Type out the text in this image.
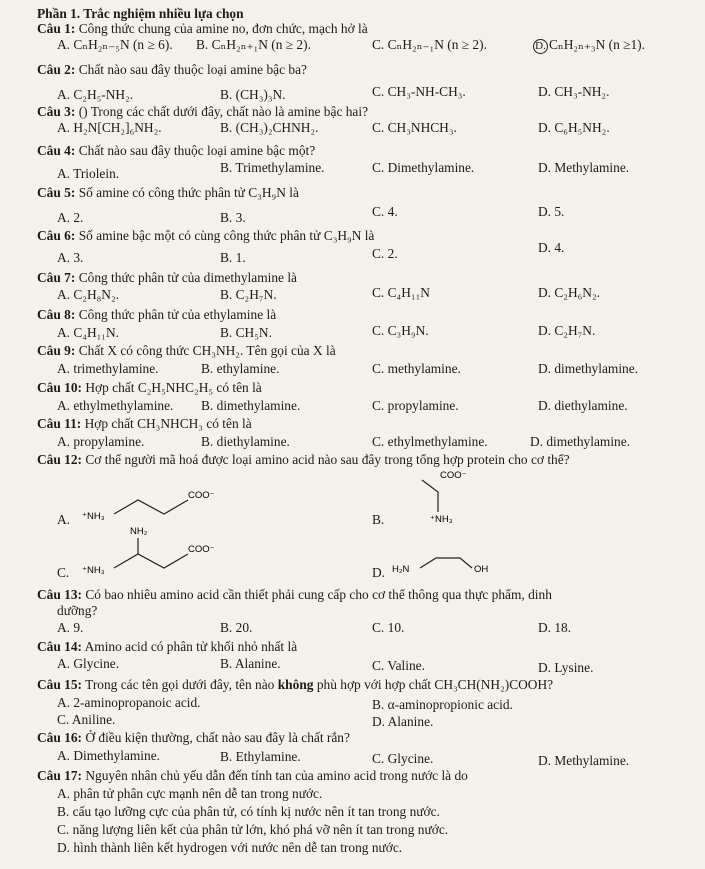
Phần 1. Trắc nghiệm nhiều lựa chọn
Câu 1: Công thức chung của amine no, đơn chức, mạch hở là
A. CₙH₂ₙ₋₅N (n ≥ 6). B. CₙH₂ₙ₊₁N (n ≥ 2).	C. CₙH₂ₙ₋₁N (n ≥ 2).	D. CₙH₂ₙ₊₃N (n ≥1).
Câu 2: Chất nào sau đây thuộc loại amine bậc ba?
A. C₂H₅-NH₂.	B. (CH₃)₃N.	C. CH₃-NH-CH₃.	D. CH₃-NH₂.
Câu 3: () Trong các chất dưới đây, chất nào là amine bậc hai?
A. H₂N[CH₂]₆NH₂.	B. (CH₃)₂CHNH₂.	C. CH₃NHCH₃.	D. C₆H₅NH₂.
Câu 4: Chất nào sau đây thuộc loại amine bậc một?
A. Triolein.	B. Trimethylamine.	C. Dimethylamine.	D. Methylamine.
Câu 5: Số amine có công thức phân tử C₃H₉N là
A. 2.	B. 3.	C. 4.	D. 5.
Câu 6: Số amine bậc một có cùng công thức phân tử C₃H₉N là
A. 3.	B. 1.	C. 2.	D. 4.
Câu 7: Công thức phân tử của dimethylamine là
A. C₂H₈N₂.	B. C₂H₇N.	C. C₄H₁₁N	D. C₂H₆N₂.
Câu 8: Công thức phân tử của ethylamine là
A. C₄H₁₁N.	B. CH₅N.	C. C₃H₉N.	D. C₂H₇N.
Câu 9: Chất X có công thức CH₃NH₂. Tên gọi của X là
A. trimethylamine.	B. ethylamine.	C. methylamine.	D. dimethylamine.
Câu 10: Hợp chất C₂H₅NHC₂H₅ có tên là
A. ethylmethylamine. B. dimethylamine.	C. propylamine.	D. diethylamine.
Câu 11: Hợp chất CH₃NHCH₃ có tên là
A. propylamine.	B. diethylamine.	C. ethylmethylamine.	D. dimethylamine.
Câu 12: Cơ thể người mã hoá được loại amino acid nào sau đây trong tổng hợp protein cho cơ thể?
A. ⁺NH₃
COO⁻
B.
COO⁻
⁺NH₃
C.
NH₂
⁺NH₃
COO⁻
D. H₂N	OH
Câu 13: Có bao nhiêu amino acid cần thiết phải cung cấp cho cơ thể thông qua thực phẩm, dinh
dưỡng?
A. 9.	B. 20.	C. 10.	D. 18.
Câu 14: Amino acid có phân tử khối nhỏ nhất là
A. Glycine.	B. Alanine.	C. Valine.	D. Lysine.
Câu 15: Trong các tên gọi dưới đây, tên nào không phù hợp với hợp chất CH₃CH(NH₂)COOH?
A. 2-aminopropanoic acid.	B. α-aminopropionic acid.
C. Aniline.	D. Alanine.
Câu 16: Ở điều kiện thường, chất nào sau đây là chất rắn?
A. Dimethylamine.	B. Ethylamine.	C. Glycine.	D. Methylamine.
Câu 17: Nguyên nhân chủ yếu dẫn đến tính tan của amino acid trong nước là do
A. phân tử phân cực mạnh nên dễ tan trong nước.
B. cấu tạo lưỡng cực của phân tử, có tính kị nước nên ít tan trong nước.
C. năng lượng liên kết của phân tử lớn, khó phá vỡ nên ít tan trong nước.
D. hình thành liên kết hydrogen với nước nên dễ tan trong nước.
